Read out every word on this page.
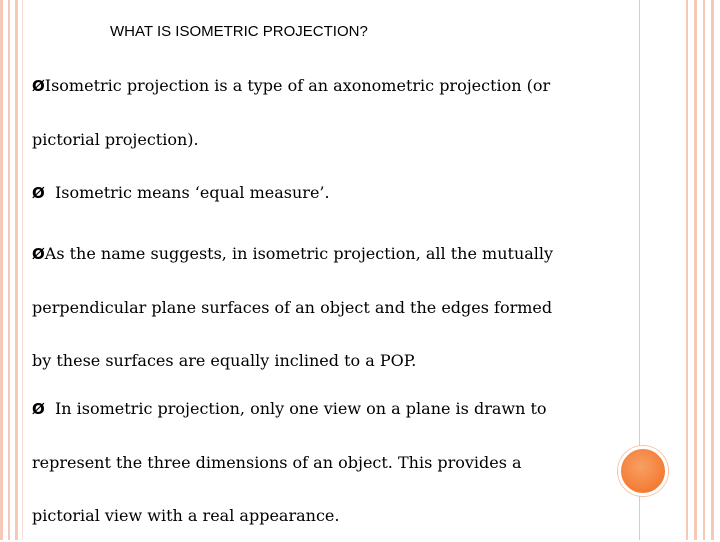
WHAT IS ISOMETRIC PROJECTION?
ØIsometric projection is a type of an axonometric projection (or
pictorial projection).
Ø Isometric means ‘equal measure’.
ØAs the name suggests, in isometric projection, all the mutually
perpendicular plane surfaces of an object and the edges formed
by these surfaces are equally inclined to a POP.
Ø In isometric projection, only one view on a plane is drawn to
represent the three dimensions of an object. This provides a
pictorial view with a real appearance.
